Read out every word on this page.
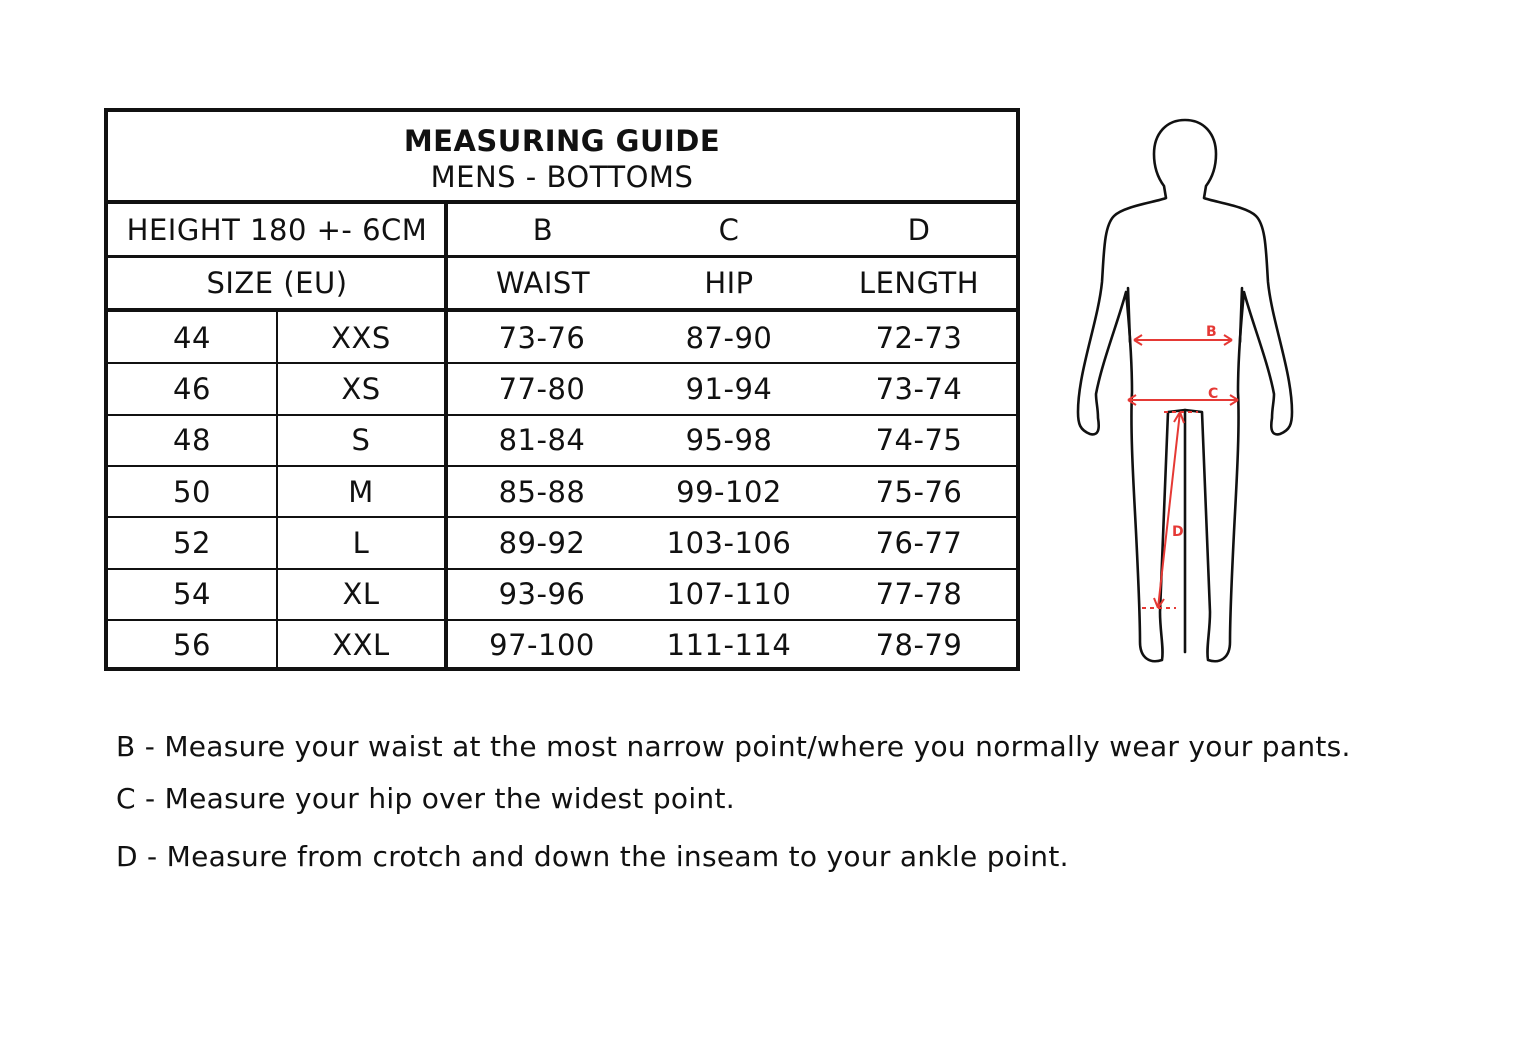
MEASURING GUIDE
MENS - BOTTOMS
HEIGHT 180 +- 6CM	B	C	D
SIZE (EU)	WAIST	HIP	LENGTH
44	XXS	73-76	87-90	72-73
46	XS	77-80	91-94	73-74
48	S	81-84	95-98	74-75
50	M	85-88	99-102	75-76
52	L	89-92	103-106	76-77
54	XL	93-96	107-110	77-78
56	XXL	97-100	111-114	78-79
B
C
D
B - Measure your waist at the most narrow point/where you normally wear your pants.
C - Measure your hip over the widest point.
D - Measure from crotch and down the inseam to your ankle point.
